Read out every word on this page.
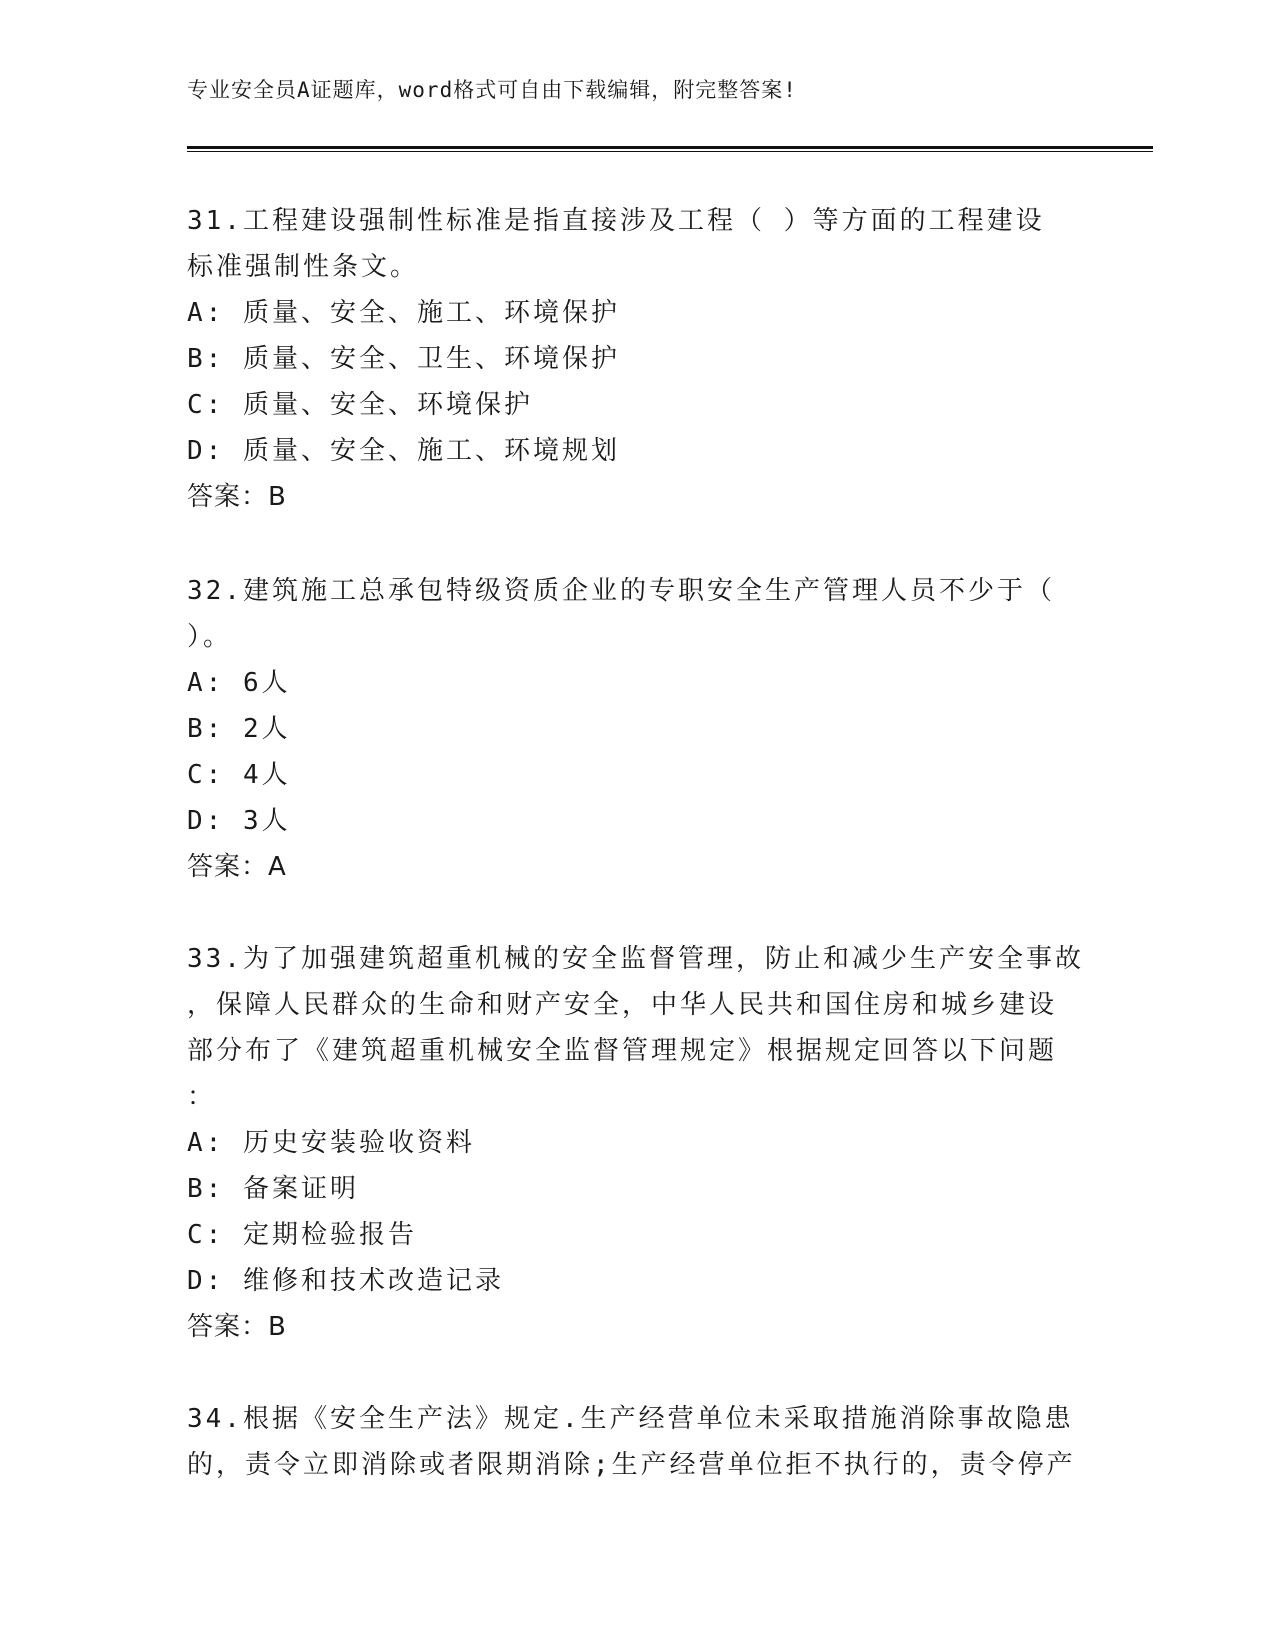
专业安全员A证题库，word格式可自由下载编辑，附完整答案!
31.工程建设强制性标准是指直接涉及工程（ ）等方面的工程建设
标准强制性条文。
A: 质量、安全、施工、环境保护
B: 质量、安全、卫生、环境保护
C: 质量、安全、环境保护
D: 质量、安全、施工、环境规划
答案：B
32.建筑施工总承包特级资质企业的专职安全生产管理人员不少于（
）。
A: 6人
B: 2人
C: 4人
D: 3人
答案：A
33.为了加强建筑超重机械的安全监督管理，防止和减少生产安全事故
，保障人民群众的生命和财产安全，中华人民共和国住房和城乡建设
部分布了《建筑超重机械安全监督管理规定》根据规定回答以下问题
：
A: 历史安装验收资料
B: 备案证明
C: 定期检验报告
D: 维修和技术改造记录
答案：B
34.根据《安全生产法》规定.生产经营单位未采取措施消除事故隐患
的，责令立即消除或者限期消除;生产经营单位拒不执行的，责令停产
